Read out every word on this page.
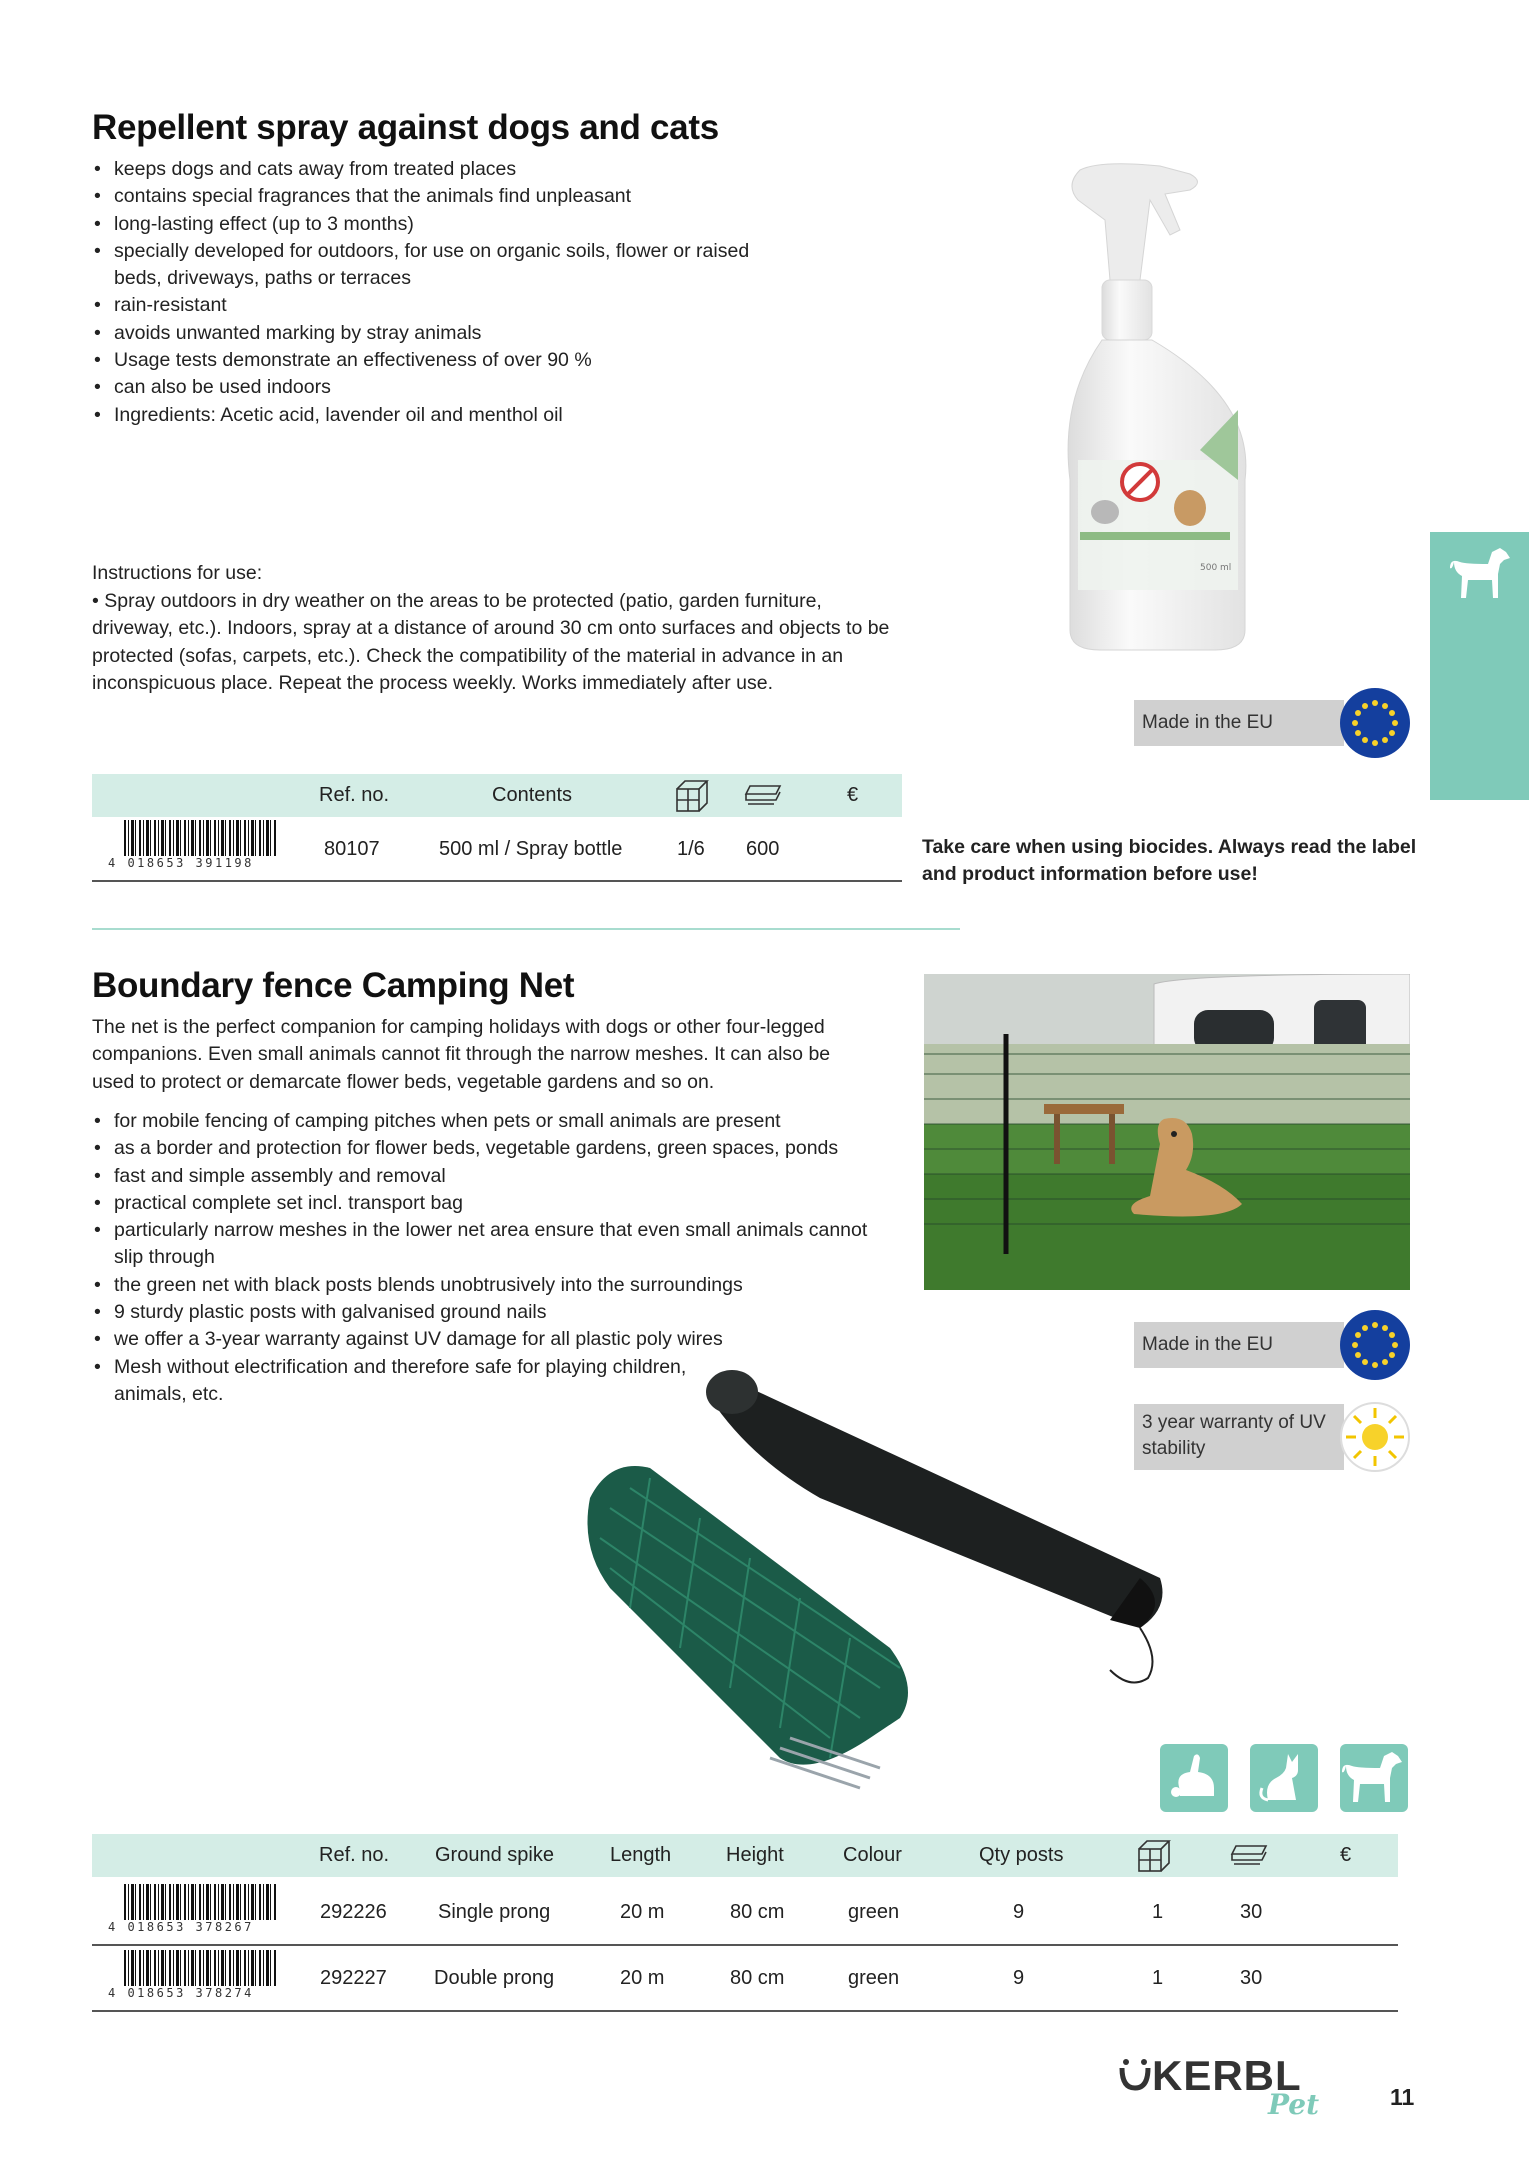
Repellent spray against dogs and cats
• keeps dogs and cats away from treated places
• contains special fragrances that the animals find unpleasant
• long-lasting effect (up to 3 months)
• specially developed for outdoors, for use on organic soils, flower or raised beds, driveways, paths or terraces
• rain-resistant
• avoids unwanted marking by stray animals
• Usage tests demonstrate an effectiveness of over 90 %
• can also be used indoors
• Ingredients: Acetic acid, lavender oil and menthol oil
Instructions for use:
• Spray outdoors in dry weather on the areas to be protected (patio, garden furniture, driveway, etc.). Indoors, spray at a distance of around 30 cm onto surfaces and objects to be protected (sofas, carpets, etc.). Check the compatibility of the material in advance in an inconspicuous place. Repeat the process weekly. Works immediately after use.
500 ml
Made in the EU
Ref. no.	Contents	€
4 018653 391198
80107	500 ml / Spray bottle	1/6 600	Take care when using biocides. Always read the label and product information before use!
Boundary fence Camping Net
The net is the perfect companion for camping holidays with dogs or other four-legged companions. Even small animals cannot fit through the narrow meshes. It can also be used to protect or demarcate flower beds, vegetable gardens and so on.
• for mobile fencing of camping pitches when pets or small animals are present
• as a border and protection for flower beds, vegetable gardens, green spaces, ponds
• fast and simple assembly and removal
• practical complete set incl. transport bag
• particularly narrow meshes in the lower net area ensure that even small animals cannot slip through
• the green net with black posts blends unobtrusively into the surroundings
• 9 sturdy plastic posts with galvanised ground nails
• we offer a 3-year warranty against UV damage for all plastic poly wires
• Mesh without electrification and therefore safe for playing children, animals, etc.
Made in the EU
3 year warranty of UV stability
Ref. no. Ground spike	Length	Height	Colour	Qty posts	€
4 018653 378267
292226	Single prong	20 m	80 cm	green	9	1	30
4 018653 378274
292227 Double prong	20 m	80 cm	green	9	1	30
KERBL
Pet	11
